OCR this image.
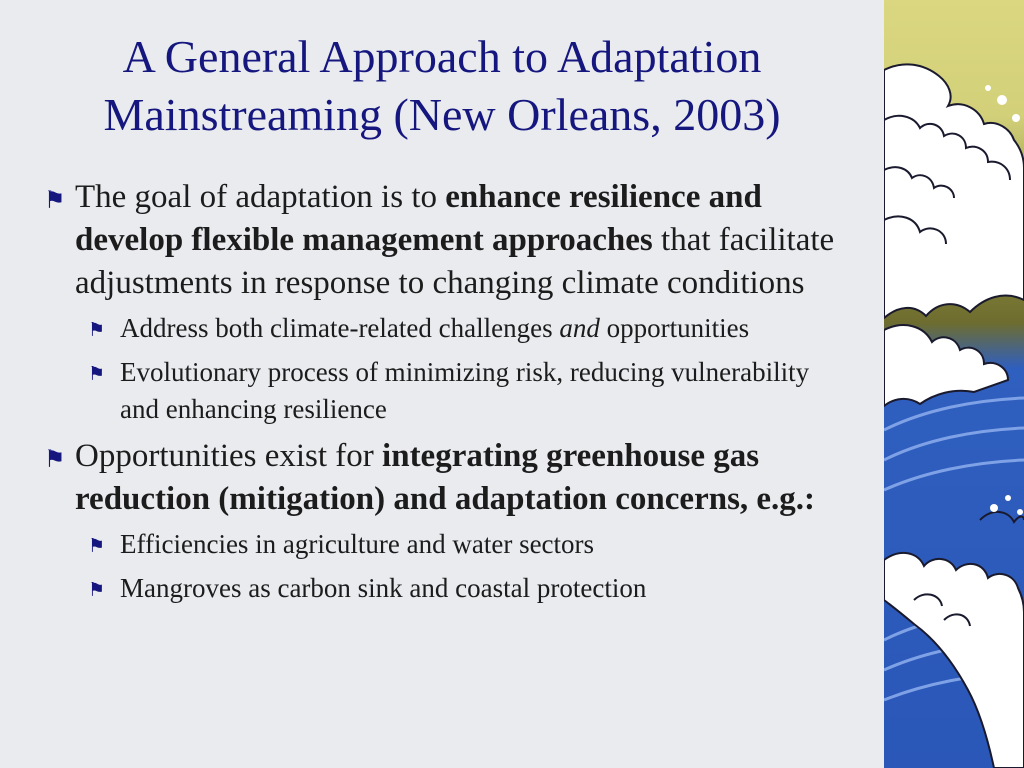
A General Approach to Adaptation
Mainstreaming (New Orleans, 2003)
⚑ The goal of adaptation is to enhance resilience and develop flexible management approaches that facilitate adjustments in response to changing climate conditions
⚑ Address both climate-related challenges and opportunities
⚑ Evolutionary process of minimizing risk, reducing vulnerability and enhancing resilience
⚑ Opportunities exist for integrating greenhouse gas reduction (mitigation) and adaptation concerns, e.g.:
⚑ Efficiencies in agriculture and water sectors
⚑ Mangroves as carbon sink and coastal protection
